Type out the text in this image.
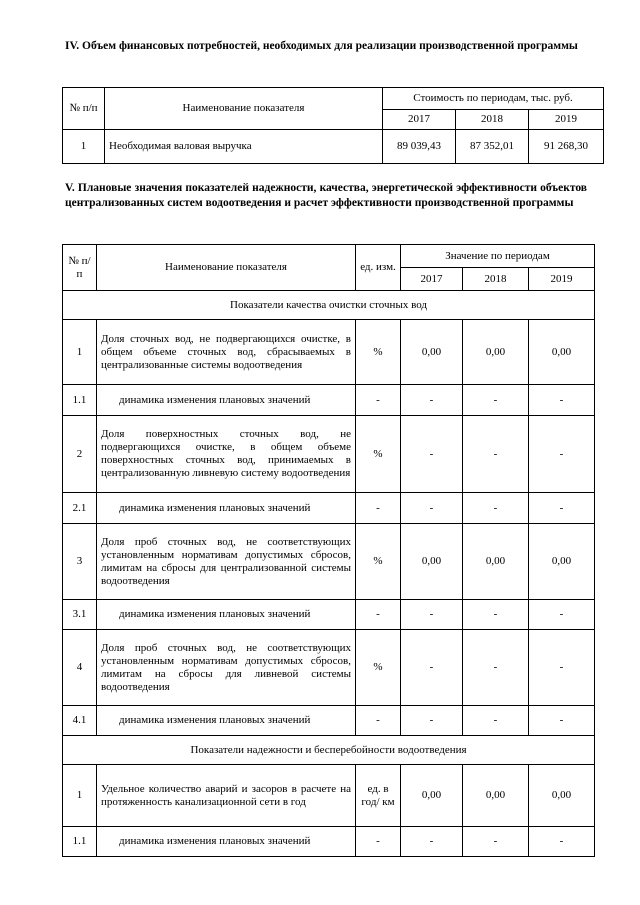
IV. Объем финансовых потребностей, необходимых для реализации производственной программы
№ п/п	Наименование показателя	Стоимость по периодам, тыс. руб.		
		2017	2018	2019
1	Необходимая валовая выручка	89 039,43	87 352,01	91 268,30
V. Плановые значения показателей надежности, качества, энергетической эффективности объектов централизованных систем водоотведения и расчет эффективности производственной программы
№ п/п	Наименование показателя	ед. изм.	Значение по периодам		
			2017	2018	2019
Показатели качества очистки сточных вод					
1	Доля сточных вод, не подвергающихся очистке, в общем объеме сточных вод, сбрасываемых в централизованные системы водоотведения	%	0,00	0,00	0,00
1.1	динамика изменения плановых значений	-	-	-	-
2	Доля поверхностных сточных вод, не подвергающихся очистке, в общем объеме поверхностных сточных вод, принимаемых в централизованную ливневую систему водоотведения	%	-	-	-
2.1	динамика изменения плановых значений	-	-	-	-
3	Доля проб сточных вод, не соответствующих установленным нормативам допустимых сбросов, лимитам на сбросы для централизованной системы водоотведения	%	0,00	0,00	0,00
3.1	динамика изменения плановых значений	-	-	-	-
4	Доля проб сточных вод, не соответствующих установленным нормативам допустимых сбросов, лимитам на сбросы для ливневой системы водоотведения	%	-	-	-
4.1	динамика изменения плановых значений	-	-	-	-
Показатели надежности и бесперебойности водоотведения					
1	Удельное количество аварий и засоров в расчете на протяженность канализационной сети в год	ед. в год/ км	0,00	0,00	0,00
1.1	динамика изменения плановых значений	-	-	-	-
